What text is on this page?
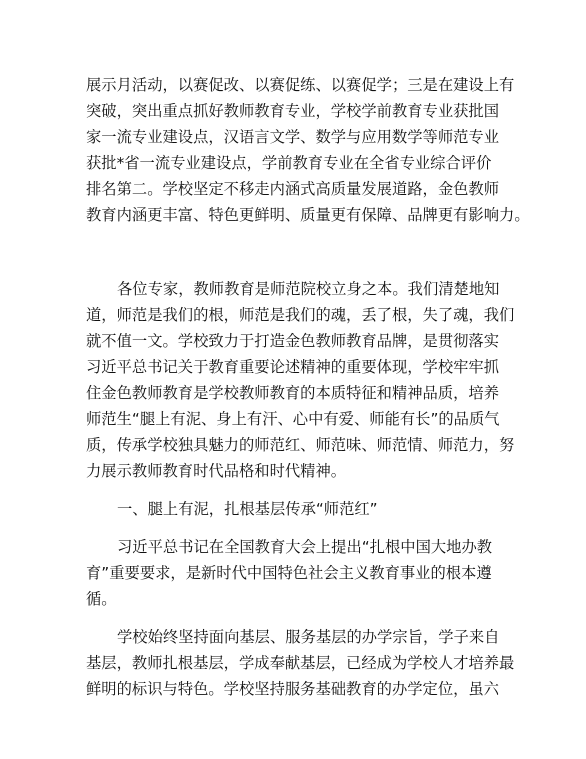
展示月活动，以赛促改、以赛促练、以赛促学；三是在建设上有
突破，突出重点抓好教师教育专业，学校学前教育专业获批国
家一流专业建设点，汉语言文学、数学与应用数学等师范专业
获批*省一流专业建设点，学前教育专业在全省专业综合评价
排名第二。学校坚定不移走内涵式高质量发展道路，金色教师
教育内涵更丰富、特色更鲜明、质量更有保障、品牌更有影响力。
各位专家，教师教育是师范院校立身之本。我们清楚地知
道，师范是我们的根，师范是我们的魂，丢了根，失了魂，我们
就不值一文。学校致力于打造金色教师教育品牌，是贯彻落实
习近平总书记关于教育重要论述精神的重要体现，学校牢牢抓
住金色教师教育是学校教师教育的本质特征和精神品质，培养
师范生“腿上有泥、身上有汗、心中有爱、师能有长”的品质气
质，传承学校独具魅力的师范红、师范味、师范情、师范力，努
力展示教师教育时代品格和时代精神。
一、腿上有泥，扎根基层传承“师范红”
习近平总书记在全国教育大会上提出“扎根中国大地办教
育”重要要求，是新时代中国特色社会主义教育事业的根本遵
循。
学校始终坚持面向基层、服务基层的办学宗旨，学子来自
基层，教师扎根基层，学成奉献基层，已经成为学校人才培养最
鲜明的标识与特色。学校坚持服务基础教育的办学定位，虽六
